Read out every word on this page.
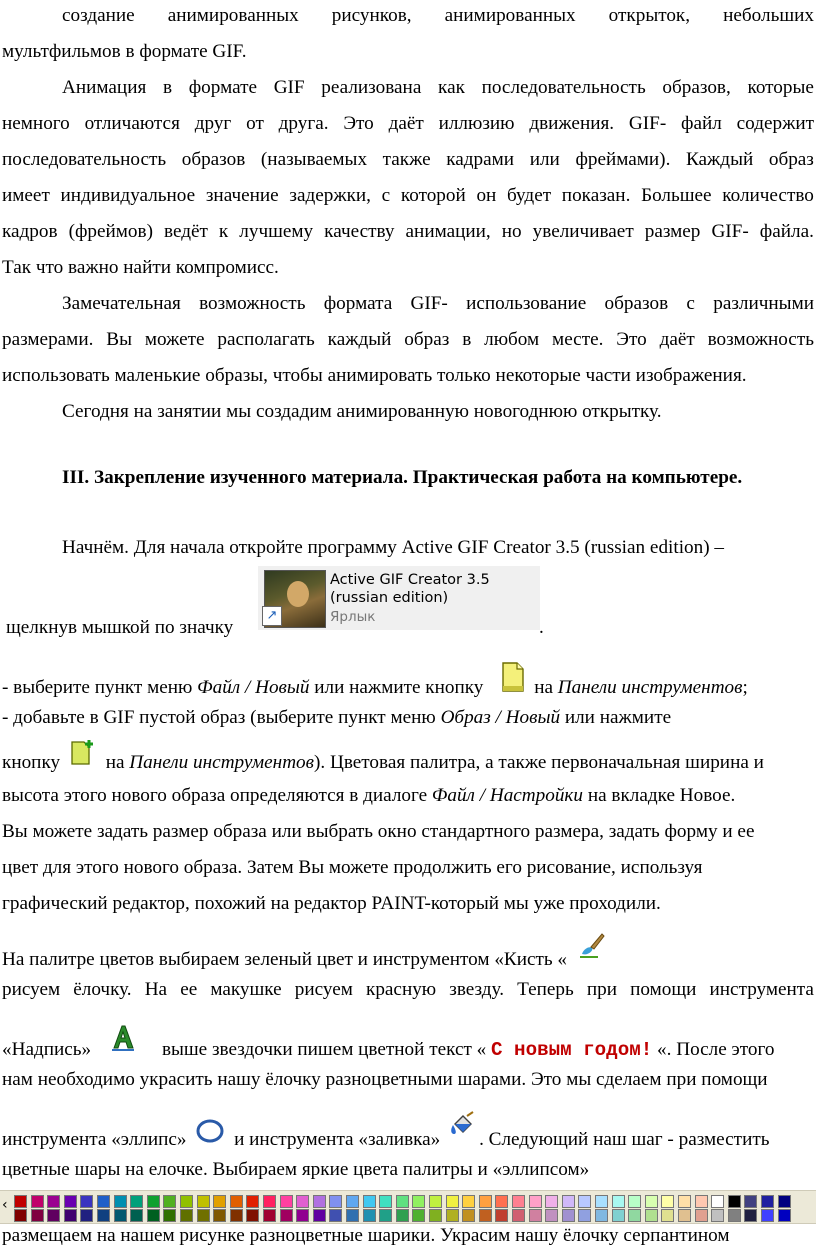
создание анимированных рисунков, анимированных открыток, небольших
мультфильмов в формате GIF.
Анимация в формате GIF реализована как последовательность образов, которые
немного отличаются друг от друга. Это даёт иллюзию движения. GIF- файл содержит
последовательность образов (называемых также кадрами или фреймами). Каждый образ
имеет индивидуальное значение задержки, с которой он будет показан. Большее количество
кадров (фреймов) ведёт к лучшему качеству анимации, но увеличивает размер GIF- файла.
Так что важно найти компромисс.
Замечательная возможность формата GIF- использование образов с различными
размерами. Вы можете располагать каждый образ в любом месте. Это даёт возможность
использовать маленькие образы, чтобы анимировать только некоторые части изображения.
Сегодня на занятии мы создадим анимированную новогоднюю открытку.
III. Закрепление изученного материала. Практическая работа на компьютере.
Начнём. Для начала откройте программу Active GIF Creator 3.5 (russian edition) –
↗
Active GIF Creator 3.5 (russian edition)
Ярлык
щелкнув мышкой по значку	.
- выберите пункт меню Файл / Новый или нажмите кнопку	на Панели инструментов;
- добавьте в GIF пустой образ (выберите пункт меню Образ / Новый или нажмите
кнопку  на Панели инструментов). Цветовая палитра, а также первоначальная ширина и
высота этого нового образа определяются в диалоге Файл / Настройки на вкладке Новое.
Вы можете задать размер образа или выбрать окно стандартного размера, задать форму и ее
цвет для этого нового образа. Затем Вы можете продолжить его рисование, используя
графический редактор, похожий на редактор PAINT-который мы уже проходили.
На палитре цветов выбираем зеленый цвет и инструментом «Кисть «
рисуем ёлочку. На ее макушке рисуем красную звезду. Теперь при помощи инструмента
«Надпись»	выше звездочки пишем цветной текст « С новым годом! «. После этого
нам необходимо украсить нашу ёлочку разноцветными шарами. Это мы сделаем при помощи
инструмента «эллипс»  и инструмента «заливка» . Следующий наш шаг - разместить
цветные шары на елочке. Выбираем яркие цвета палитры и «эллипсом»
‹
размещаем на нашем рисунке разноцветные шарики. Украсим нашу ёлочку серпантином
